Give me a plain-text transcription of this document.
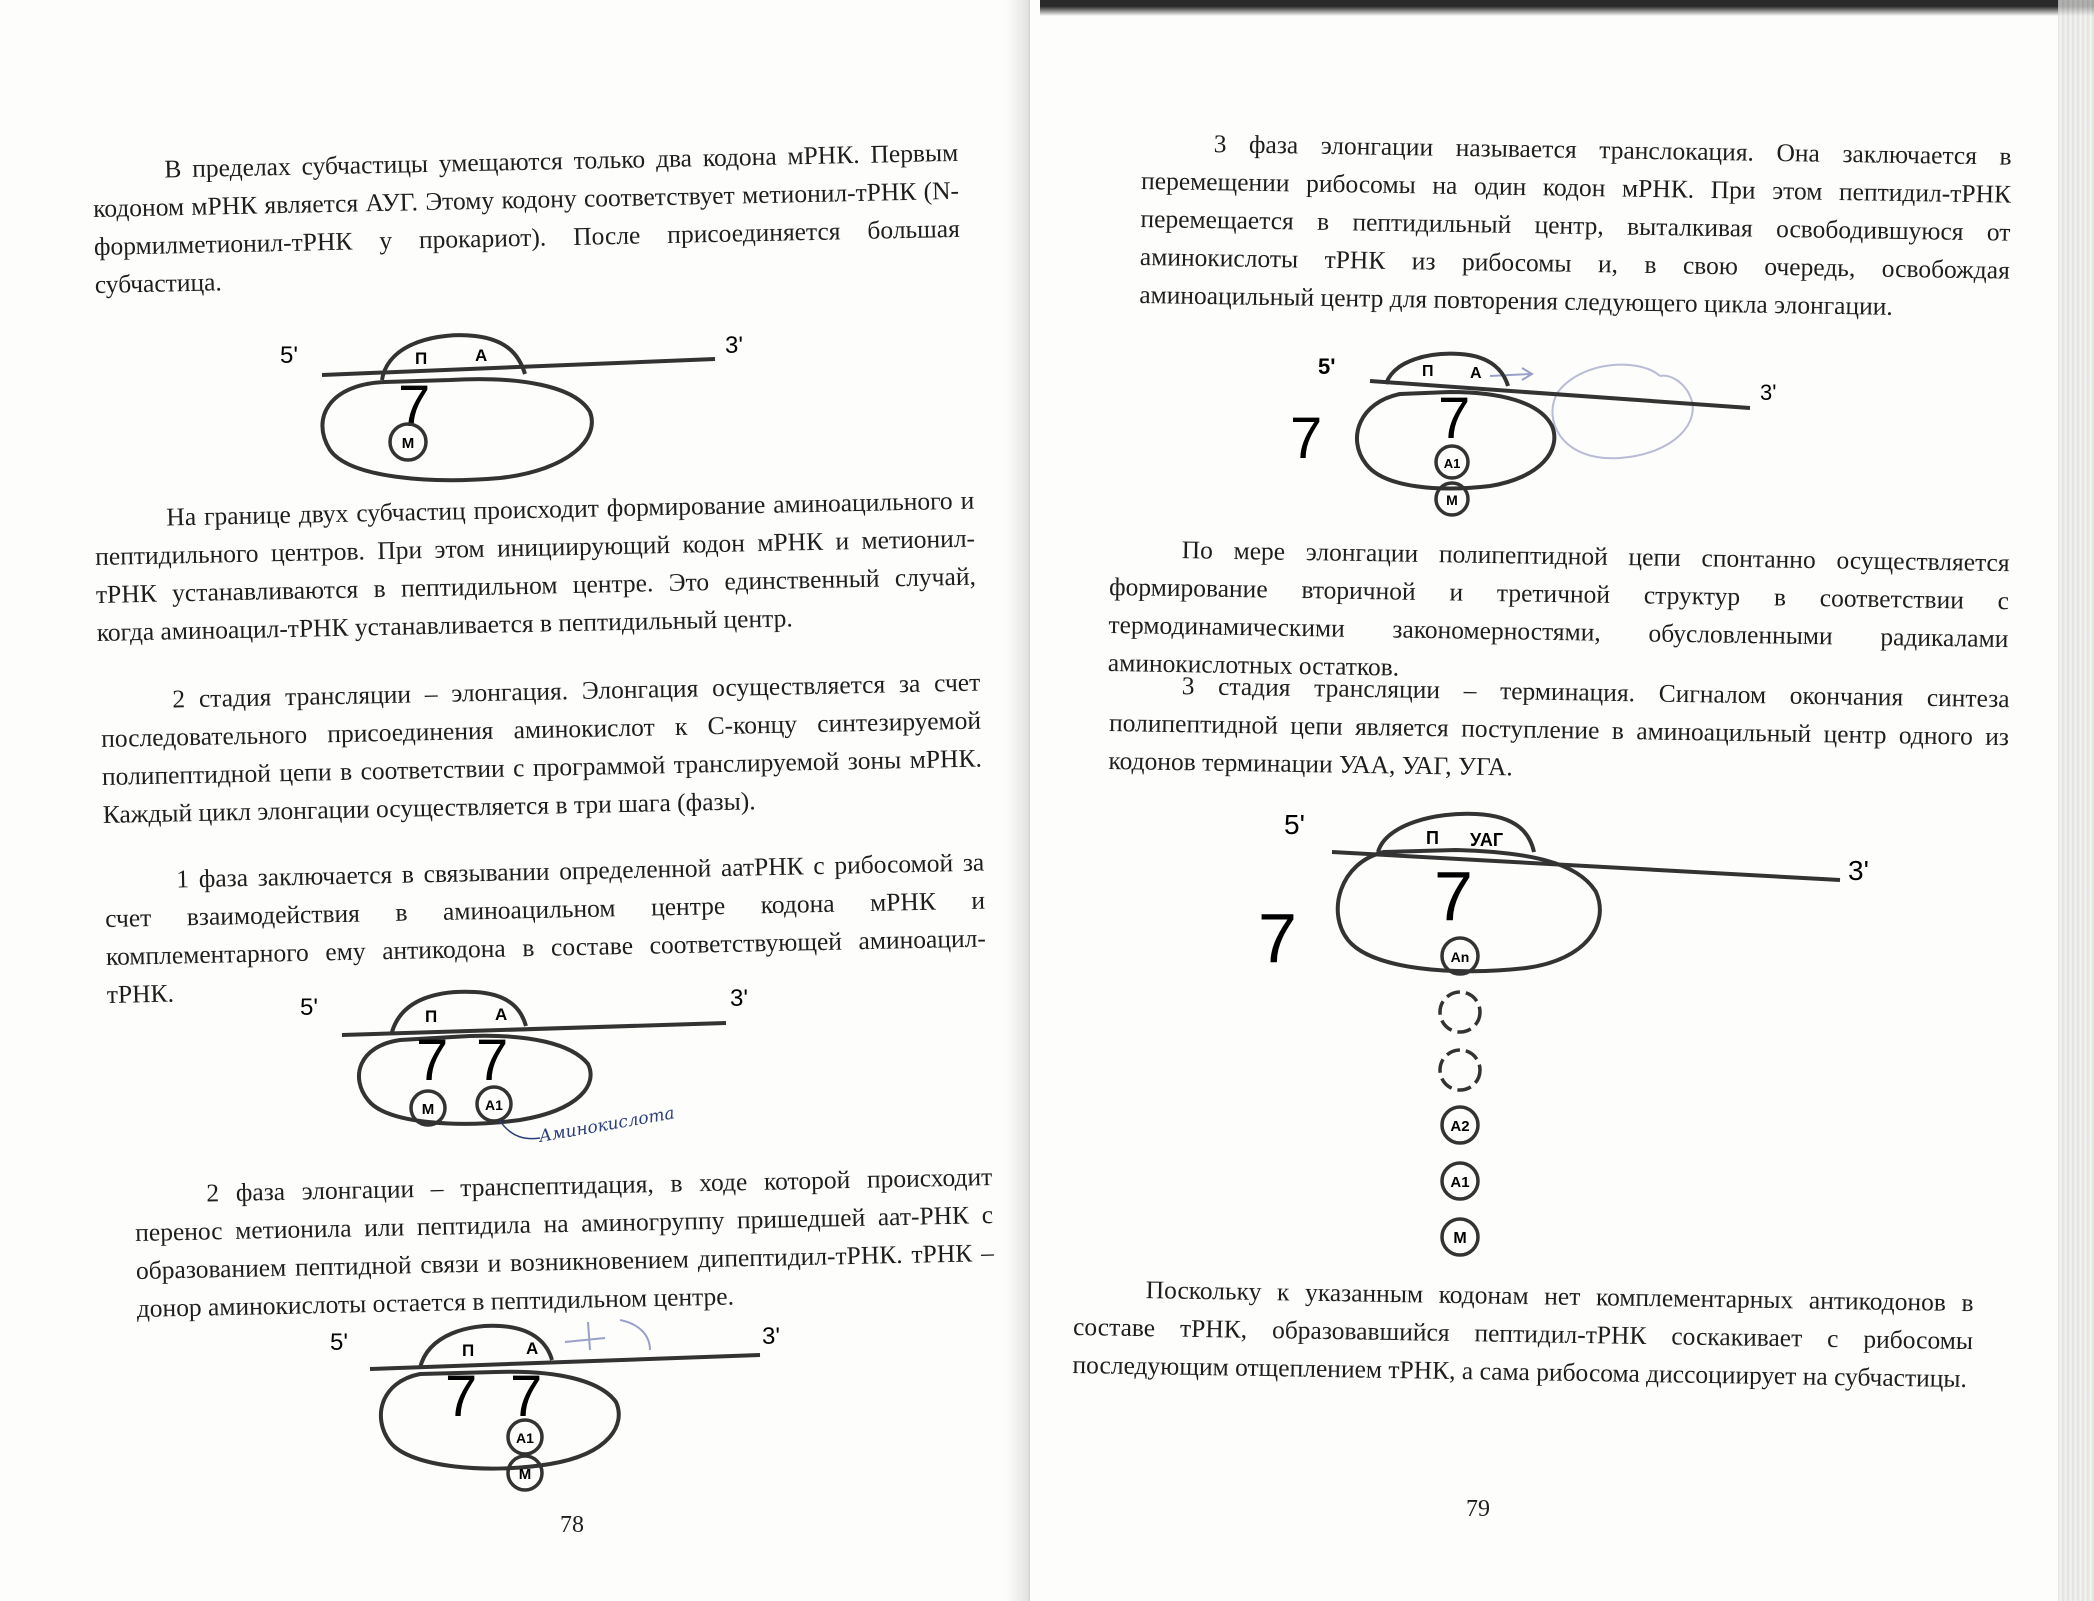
В пределах субчастицы умещаются только два кодона мРНК. Первым кодоном мРНК является АУГ. Этому кодону соответствует метионил-тРНК (N-формилметионил-тРНК у прокариот). После присоединяется большая субчастица.

5'	3'
П	А
7
М

На границе двух субчастиц происходит формирование аминоацильного и пептидильного центров. При этом инициирующий кодон мРНК и метионил-тРНК устанавливаются в пептидильном центре. Это единственный случай, когда аминоацил-тРНК устанавливается в пептидильный центр.

2 стадия трансляции – элонгация. Элонгация осуществляется за счет последовательного присоединения аминокислот к С-концу синтезируемой полипептидной цепи в соответствии с программой транслируемой зоны мРНК. Каждый цикл элонгации осуществляется в три шага (фазы).

1 фаза заключается в связывании определенной аатРНК с рибосомой за счет взаимодействия в аминоацильном центре кодона мРНК и комплементарного ему антикодона в составе соответствующей аминоацил-тРНК.	5'	3'
П	А
7 7
М	А1 Аминокислота

2 фаза элонгации – транспептидация, в ходе которой происходит перенос метионила или пептидила на аминогруппу пришедшей аат-РНК с образованием пептидной связи и возникновением дипептидил-тРНК. тРНК – донор аминокислоты остается в пептидильном центре.

5'	3'
П	А
7 7
А1
М
78

3 фаза элонгации называется транслокация. Она заключается в перемещении рибосомы на один кодон мРНК. При этом пептидил-тРНК перемещается в пептидильный центр, выталкивая освободившуюся от аминокислоты тРНК из рибосомы и, в свою очередь, освобождая аминоацильный центр для повторения следующего цикла элонгации.

5'
3'
П А
7 7
А1
М

По мере элонгации полипептидной цепи спонтанно осуществляется формирование вторичной и третичной структур в соответствии с термодинамическими закономерностями, обусловленными радикалами аминокислотных остатков.

3 стадия трансляции – терминация. Сигналом окончания синтеза полипептидной цепи является поступление в аминоацильный центр одного из кодонов терминации УАА, УАГ, УГА.

5'
3'
П УАГ
7
7
Аn
А2
А1
М

Поскольку к указанным кодонам нет комплементарных антикодонов в составе тРНК, образовавшийся пептидил-тРНК соскакивает с рибосомы последующим отщеплением тРНК, а сама рибосома диссоциирует на субчастицы.

79
